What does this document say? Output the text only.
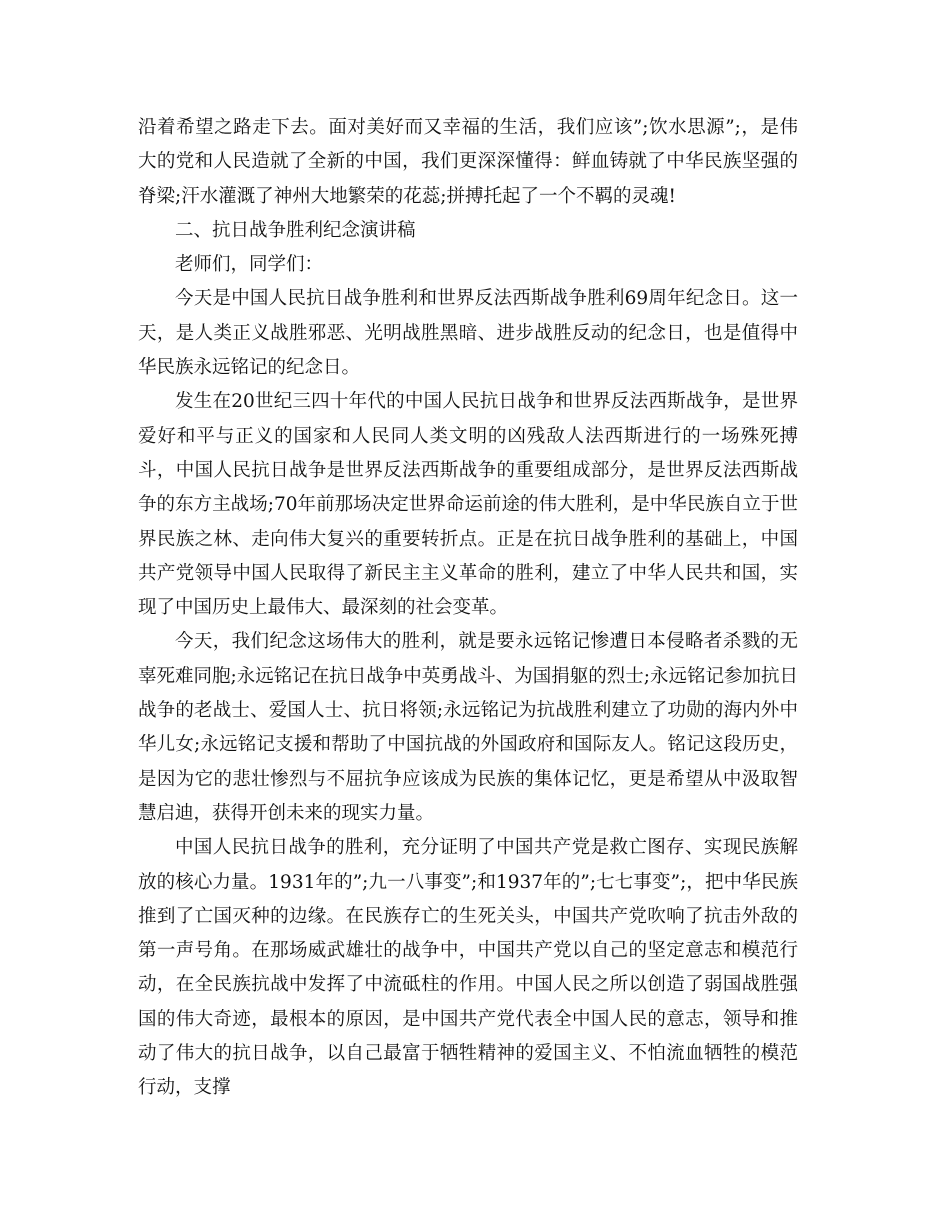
沿着希望之路走下去。面对美好而又幸福的生活，我们应该”;饮水思源”;，是伟大的党和人民造就了全新的中国，我们更深深懂得：鲜血铸就了中华民族坚强的脊梁;汗水灌溉了神州大地繁荣的花蕊;拼搏托起了一个不羁的灵魂!

二、抗日战争胜利纪念演讲稿

老师们，同学们：

今天是中国人民抗日战争胜利和世界反法西斯战争胜利69周年纪念日。这一天，是人类正义战胜邪恶、光明战胜黑暗、进步战胜反动的纪念日，也是值得中华民族永远铭记的纪念日。

发生在20世纪三四十年代的中国人民抗日战争和世界反法西斯战争，是世界爱好和平与正义的国家和人民同人类文明的凶残敌人法西斯进行的一场殊死搏斗，中国人民抗日战争是世界反法西斯战争的重要组成部分，是世界反法西斯战争的东方主战场;70年前那场决定世界命运前途的伟大胜利，是中华民族自立于世界民族之林、走向伟大复兴的重要转折点。正是在抗日战争胜利的基础上，中国共产党领导中国人民取得了新民主主义革命的胜利，建立了中华人民共和国，实现了中国历史上最伟大、最深刻的社会变革。

今天，我们纪念这场伟大的胜利，就是要永远铭记惨遭日本侵略者杀戮的无辜死难同胞;永远铭记在抗日战争中英勇战斗、为国捐躯的烈士;永远铭记参加抗日战争的老战士、爱国人士、抗日将领;永远铭记为抗战胜利建立了功勋的海内外中华儿女;永远铭记支援和帮助了中国抗战的外国政府和国际友人。铭记这段历史，是因为它的悲壮惨烈与不屈抗争应该成为民族的集体记忆，更是希望从中汲取智慧启迪，获得开创未来的现实力量。

中国人民抗日战争的胜利，充分证明了中国共产党是救亡图存、实现民族解放的核心力量。1931年的”;九一八事变”;和1937年的”;七七事变”;，把中华民族推到了亡国灭种的边缘。在民族存亡的生死关头，中国共产党吹响了抗击外敌的第一声号角。在那场威武雄壮的战争中，中国共产党以自己的坚定意志和模范行动，在全民族抗战中发挥了中流砥柱的作用。中国人民之所以创造了弱国战胜强国的伟大奇迹，最根本的原因，是中国共产党代表全中国人民的意志，领导和推动了伟大的抗日战争，以自己最富于牺牲精神的爱国主义、不怕流血牺牲的模范行动，支撑
